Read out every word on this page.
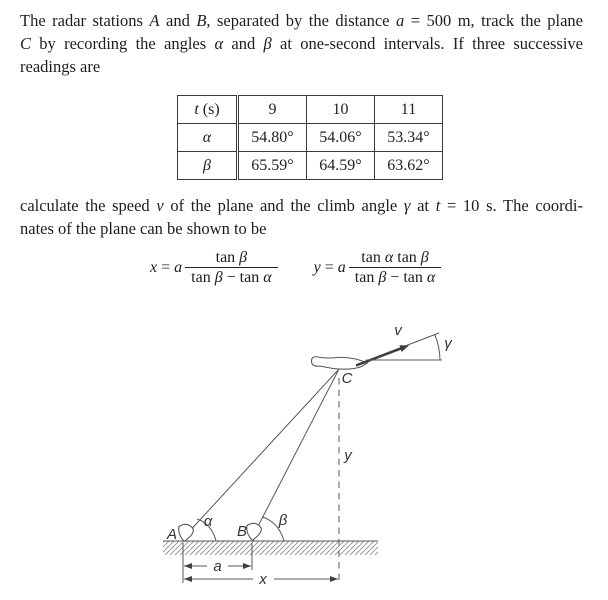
The radar stations A and B, separated by the distance a = 500 m, track the plane
C by recording the angles α and β at one-second intervals. If three successive
readings are
t (s)	9	10	11
α	54.80°	54.06°	53.34°
β	65.59°	64.59°	63.62°
calculate the speed v of the plane and the climb angle γ at t = 10 s. The coordi-
nates of the plane can be shown to be
x = a $\frac{\text{tan β}}{\text{tan β − tan α}}$ y = a $\frac{\text{tan α tan β}}{\text{tan β − tan α}}$
A	B
C
α	β
γ
v
a
x
y
